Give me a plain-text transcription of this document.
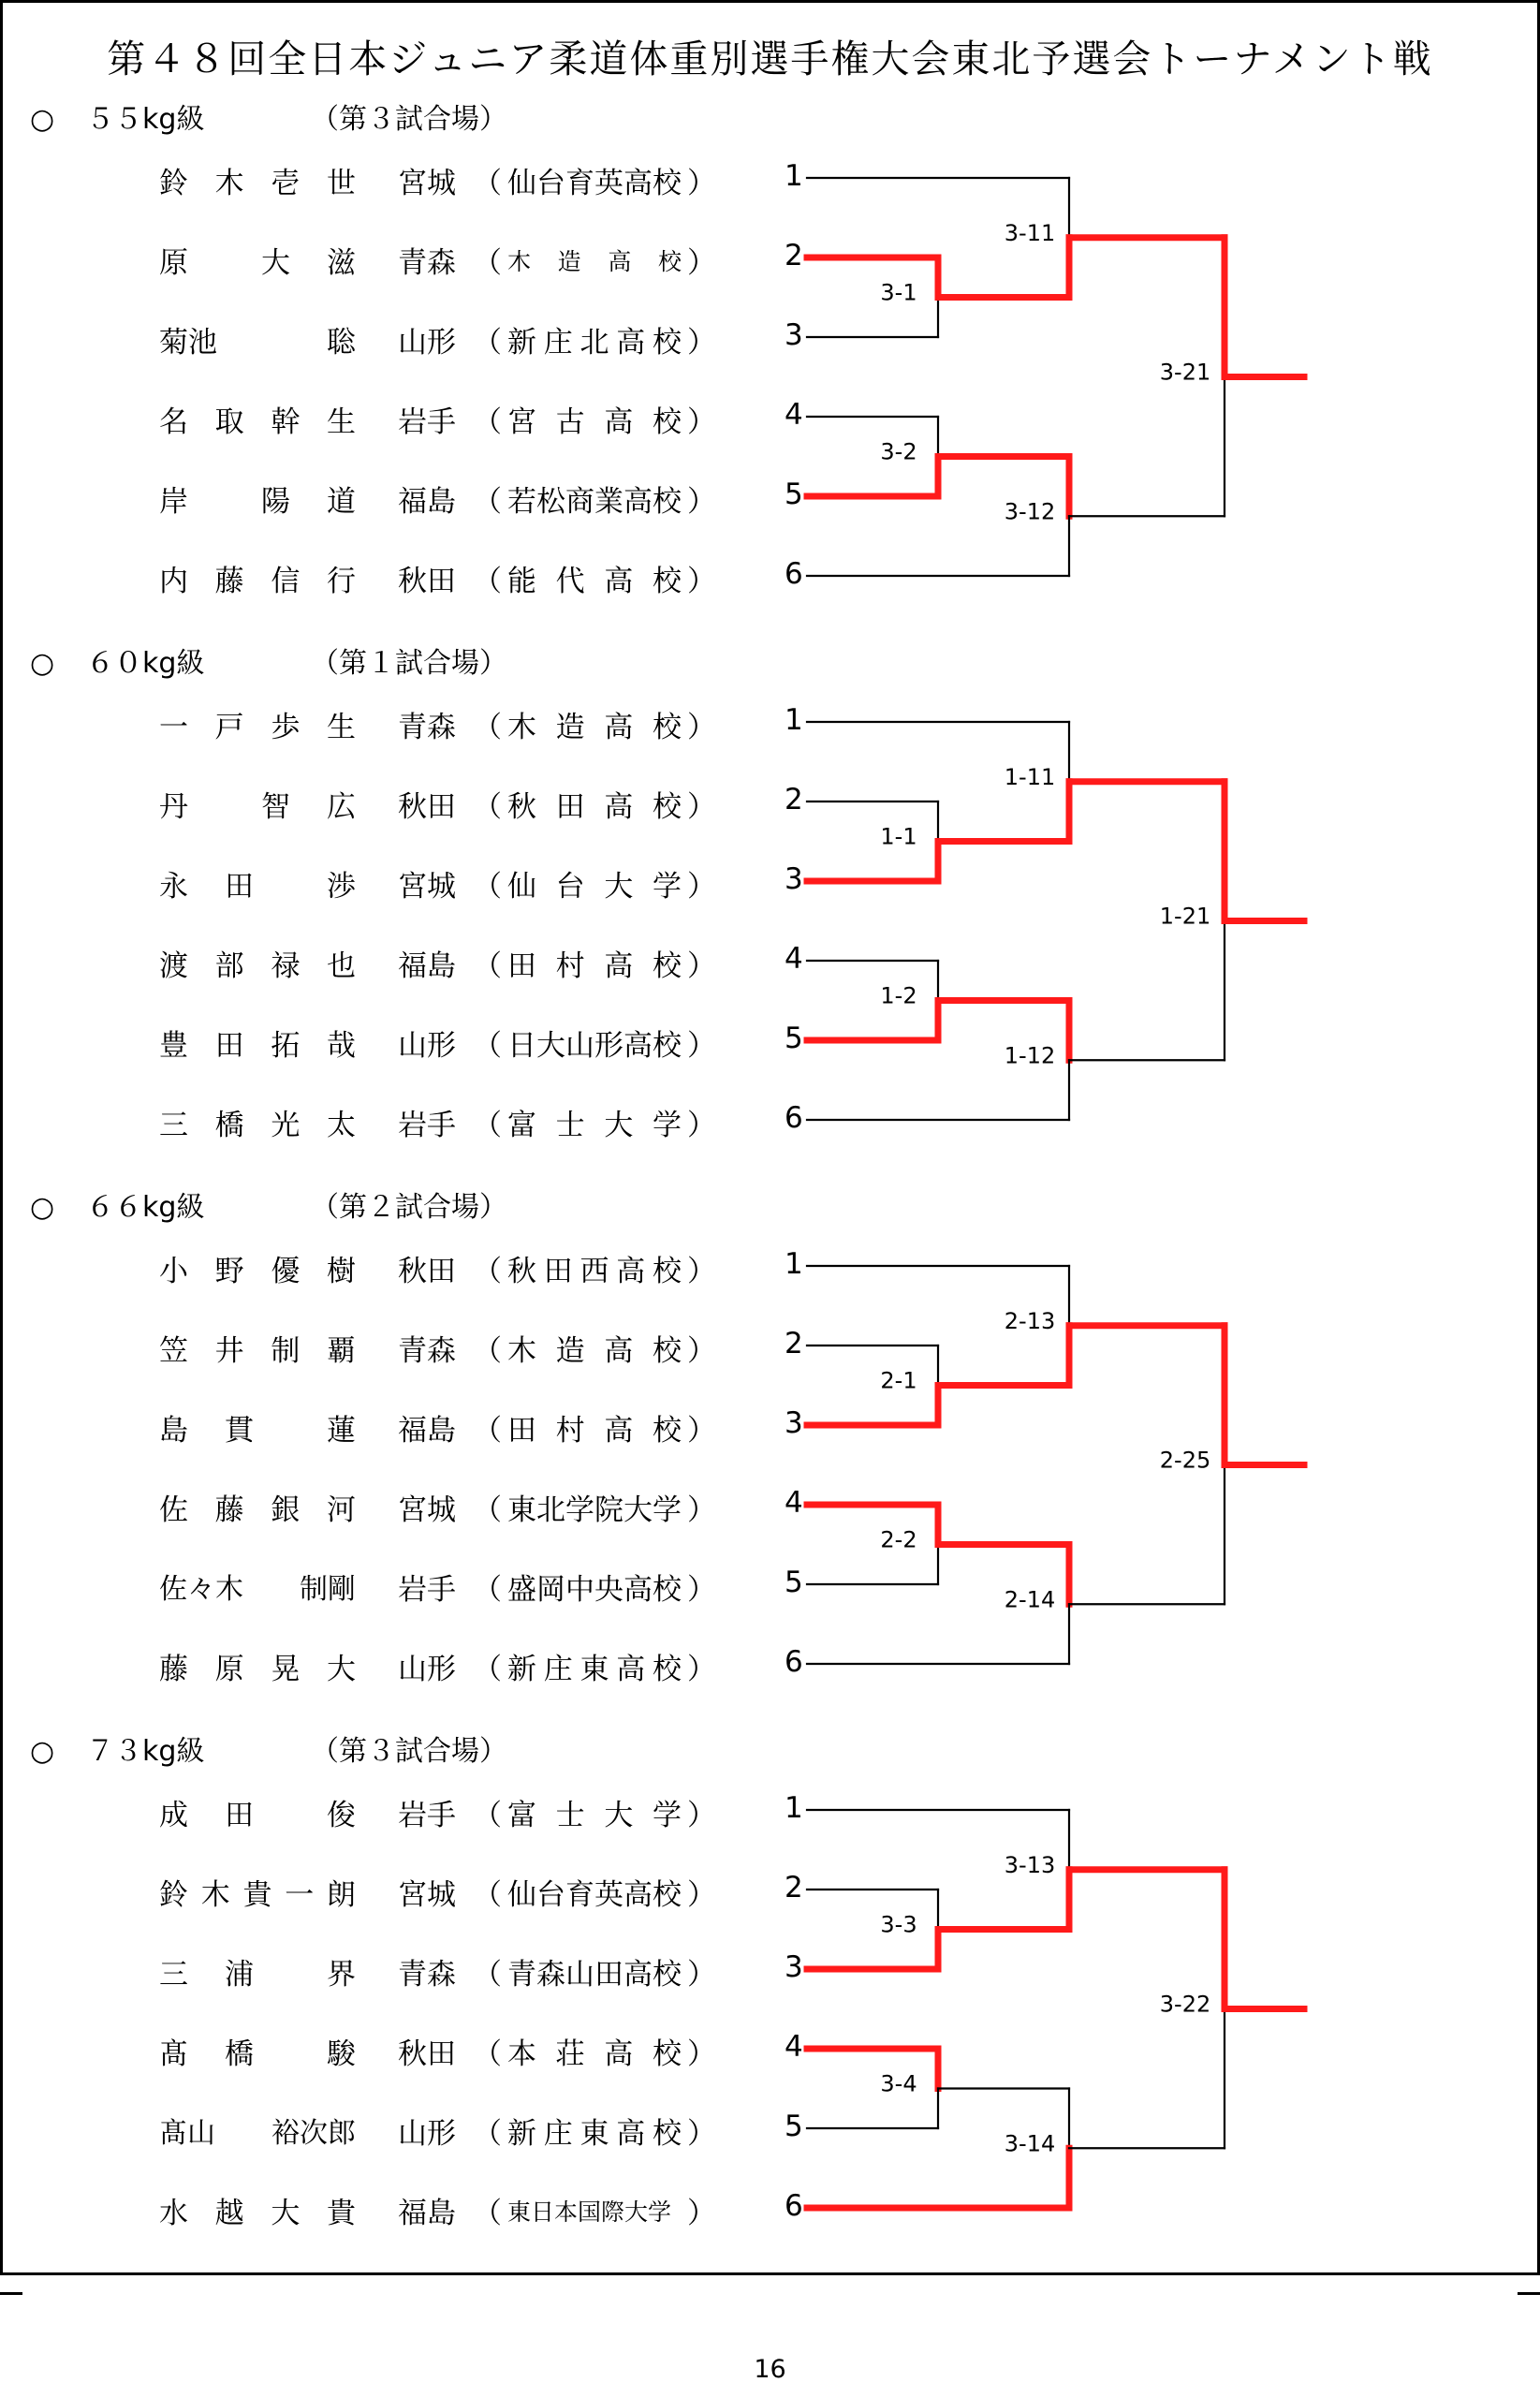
第４８回全日本ジュニア柔道体重別選手権大会東北予選会トーナメント戦
○ ５５kg級	（第３試合場）
鈴 木 壱 世 宮城 （ 仙台育英高校 ） 1
原	大 滋 青森 （ 木 造 高 校 ） 2
菊池	聡 山形 （ 新 庄 北 高 校 ） 3
名 取 幹 生 岩手 （ 宮 古 高 校 ） 4
岸	陽 道 福島 （ 若松商業高校 ） 5
内 藤 信 行 秋田 （ 能 代 高 校 ） 6
○ ６０kg級	（第１試合場）
一 戸 歩 生 青森 （ 木 造 高 校 ） 1
丹	智 広 秋田 （ 秋 田 高 校 ） 2
永 田	渉 宮城 （ 仙 台 大 学 ） 3
渡 部 禄 也 福島 （ 田 村 高 校 ） 4
豊 田 拓 哉 山形 （ 日大山形高校 ） 5
三 橋 光 太 岩手 （ 富 士 大 学 ） 6
○ ６６kg級	（第２試合場）
小 野 優 樹 秋田 （ 秋 田 西 高 校 ） 1
笠 井 制 覇 青森 （ 木 造 高 校 ） 2
島 貫	蓮 福島 （ 田 村 高 校 ） 3
佐 藤 銀 河 宮城 （ 東北学院大学 ） 4
佐々木 制剛 岩手 （ 盛岡中央高校 ） 5
藤 原 晃 大 山形 （ 新 庄 東 高 校 ） 6
○ ７３kg級	（第３試合場）
成 田	俊 岩手 （ 富 士 大 学 ） 1
鈴 木 貴 一 朗 宮城 （ 仙台育英高校 ） 2
三 浦	界 青森 （ 青森山田高校 ） 3
髙 橋	駿 秋田 （ 本 荘 高 校 ） 4
髙山 裕次郎 山形 （ 新 庄 東 高 校 ） 5
水 越 大 貴 福島 （ 東日本国際大学 ） 6
3-1
3-2
3-11
3-12
3-21
1-1
1-2
1-11
1-12
1-21
2-1
2-2
2-13
2-14
2-25
3-3
3-4
3-13
3-14
3-22
16
